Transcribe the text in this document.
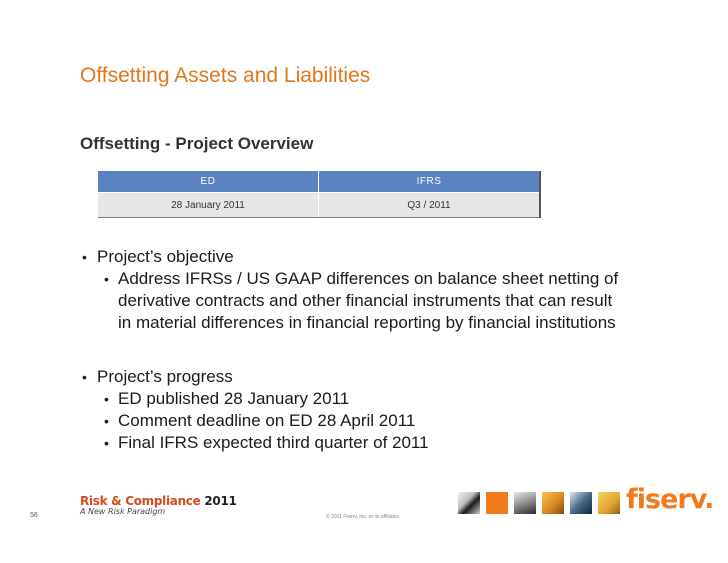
Offsetting Assets and Liabilities
Offsetting - Project Overview
ED	IFRS
28 January 2011	Q3 / 2011
• Project’s objective
• Address IFRSs / US GAAP differences on balance sheet netting of
derivative contracts and other financial instruments that can result
in material differences in financial reporting by financial institutions
• Project’s progress
• ED published 28 January 2011
• Comment deadline on ED 28 April 2011
• Final IFRS expected third quarter of 2011
Risk & Compliance 2011
A New Risk Paradigm
56	© 2011 Fiserv, Inc. or its affiliates.
fiserv.
